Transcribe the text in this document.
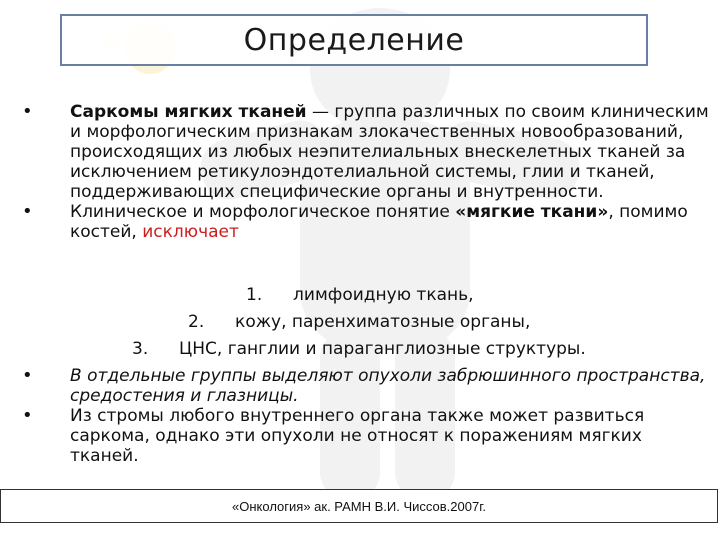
Определение

•	Саркомы мягких тканей — группа различных по своим клиническим и морфологическим признакам злокачественных новообразований, происходящих из любых неэпителиальных внескелетных тканей за исключением ретикулоэндотелиальной системы, глии и тканей, поддерживающих специфические органы и внутренности.

•	Клиническое и морфологическое понятие «мягкие ткани», помимо костей, исключает

1. лимфоидную ткань,
2. кожу, паренхиматозные органы,
3. ЦНС, ганглии и параганглиозные структуры.

•	В отдельные группы выделяют опухоли забрюшинного пространства, средостения и глазницы.

•	Из стромы любого внутреннего органа также может развиться саркома, однако эти опухоли не относят к поражениям мягких тканей.

«Онкология» ак. РАМН В.И. Чиссов.2007г.
